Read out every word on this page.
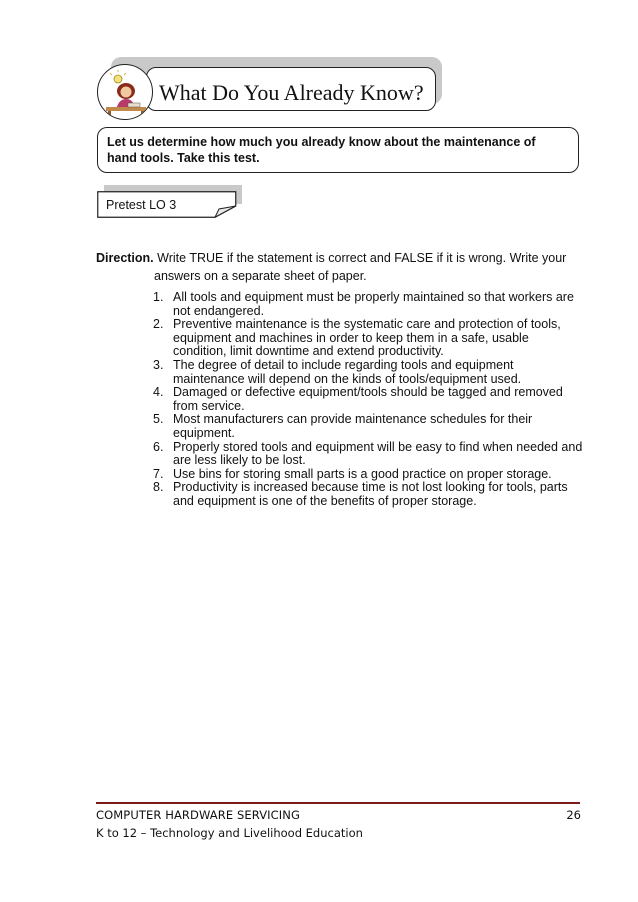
What Do You Already Know?
Let us determine how much you already know about the maintenance of hand tools. Take this test.
Pretest LO 3
Direction. Write TRUE if the statement is correct and FALSE if it is wrong. Write your
answers on a separate sheet of paper.
1. All tools and equipment must be properly maintained so that workers are not endangered.
2. Preventive maintenance is the systematic care and protection of tools, equipment and machines in order to keep them in a safe, usable condition, limit downtime and extend productivity.
3. The degree of detail to include regarding tools and equipment maintenance will depend on the kinds of tools/equipment used.
4. Damaged or defective equipment/tools should be tagged and removed from service.
5. Most manufacturers can provide maintenance schedules for their equipment.
6. Properly stored tools and equipment will be easy to find when needed and are less likely to be lost.
7. Use bins for storing small parts is a good practice on proper storage.
8. Productivity is increased because time is not lost looking for tools, parts and equipment is one of the benefits of proper storage.
COMPUTER HARDWARE SERVICING	26
K to 12 – Technology and Livelihood Education
